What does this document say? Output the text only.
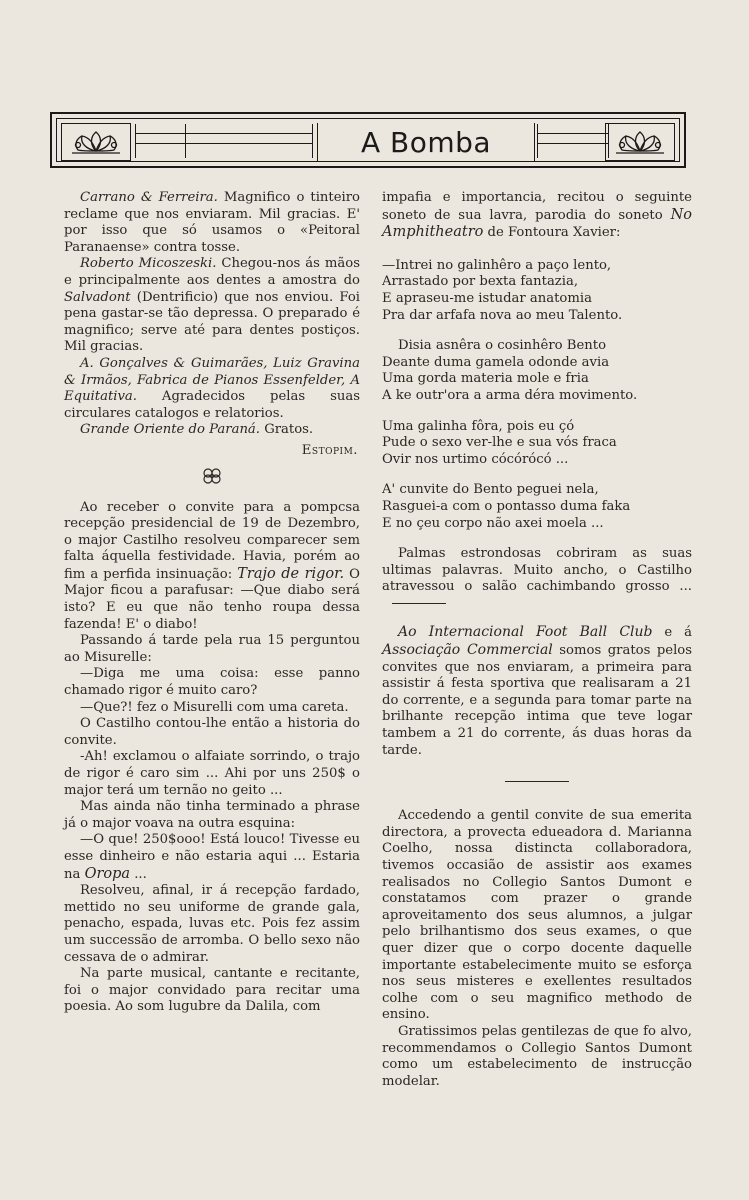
A Bomba

Carrano & Ferreira. Magnifico o tinteiro reclame que nos enviaram. Mil gracias. E' por isso que só usamos o «Peitoral Paranaense» contra tosse.

Roberto Micoszeski. Chegou-nos ás mãos e principalmente aos dentes a amostra do Salvadont (Dentrificio) que nos enviou. Foi pena gastar-se tão depressa. O preparado é magnifico; serve até para dentes postiços. Mil gracias.

A. Gonçalves & Guimarães, Luiz Gravina & Irmãos, Fabrica de Pianos Essenfelder, A Equitativa. Agradecidos pelas suas circulares catalogos e relatorios.

Grande Oriente do Paraná. Gratos.

Estopim.

Ao receber o convite para a pompcsa recepção presidencial de 19 de Dezembro, o major Castilho resolveu comparecer sem falta áquella festividade. Havia, porém ao fim a perfida insinuação: Trajo de rigor. O Major ficou a parafusar: —Que diabo será isto? E eu que não tenho roupa dessa fazenda! E' o diabo!

Passando á tarde pela rua 15 perguntou ao Misurelle:

—Diga me uma coisa: esse panno chamado rigor é muito caro?

—Que?! fez o Misurelli com uma careta.

O Castilho contou-lhe então a historia do convite.

-Ah! exclamou o alfaiate sorrindo, o trajo de rigor é caro sim ... Ahi por uns 250$ o major terá um ternão no geito ...

Mas ainda não tinha terminado a phrase já o major voava na outra esquina:

—O que! 250$ooo! Está louco! Tivesse eu esse dinheiro e não estaria aqui ... Estaria na Oropa ...

Resolveu, afinal, ir á recepção fardado, mettido no seu uniforme de grande gala, penacho, espada, luvas etc. Pois fez assim um successão de arromba. O bello sexo não cessava de o admirar.

Na parte musical, cantante e recitante, foi o major convidado para recitar uma poesia. Ao som lugubre da Dalila, com

impafia e importancia, recitou o seguinte soneto de sua lavra, parodia do soneto No Amphitheatro de Fontoura Xavier:

—Intrei no galinhêro a paço lento,

Arrastado por bexta fantazia,

E apraseu-me istudar anatomia

Pra dar arfafa nova ao meu Talento.

Disia asnêra o cosinhêro Bento

Deante duma gamela odonde avia

Uma gorda materia mole e fria

A ke outr'ora a arma déra movimento.

Uma galinha fôra, pois eu çó

Pude o sexo ver-lhe e sua vós fraca

Ovir nos urtimo cócórócó ...

A' cunvite do Bento peguei nela,

Rasguei-a com o pontasso duma faka

E no çeu corpo não axei moela ...

Palmas estrondosas cobriram as suas ultimas palavras. Muito ancho, o Castilho atravessou o salão cachimbando grosso ...

Ao Internacional Foot Ball Club e á Associação Commercial somos gratos pelos convites que nos enviaram, a primeira para assistir á festa sportiva que realisaram a 21 do corrente, e a segunda para tomar parte na brilhante recepção intima que teve logar tambem a 21 do corrente, ás duas horas da tarde.

Accedendo a gentil convite de sua emerita directora, a provecta edueadora d. Marianna Coelho, nossa distincta collaboradora, tivemos occasião de assistir aos exames realisados no Collegio Santos Dumont e constatamos com prazer o grande aproveitamento dos seus alumnos, a julgar pelo brilhantismo dos seus exames, o que quer dizer que o corpo docente daquelle importante estabelecimente muito se esforça nos seus misteres e exellentes resultados colhe com o seu magnifico methodo de ensino.

Gratissimos pelas gentilezas de que fo alvo, recommendamos o Collegio Santos Dumont como um estabelecimento de instrucção modelar.
